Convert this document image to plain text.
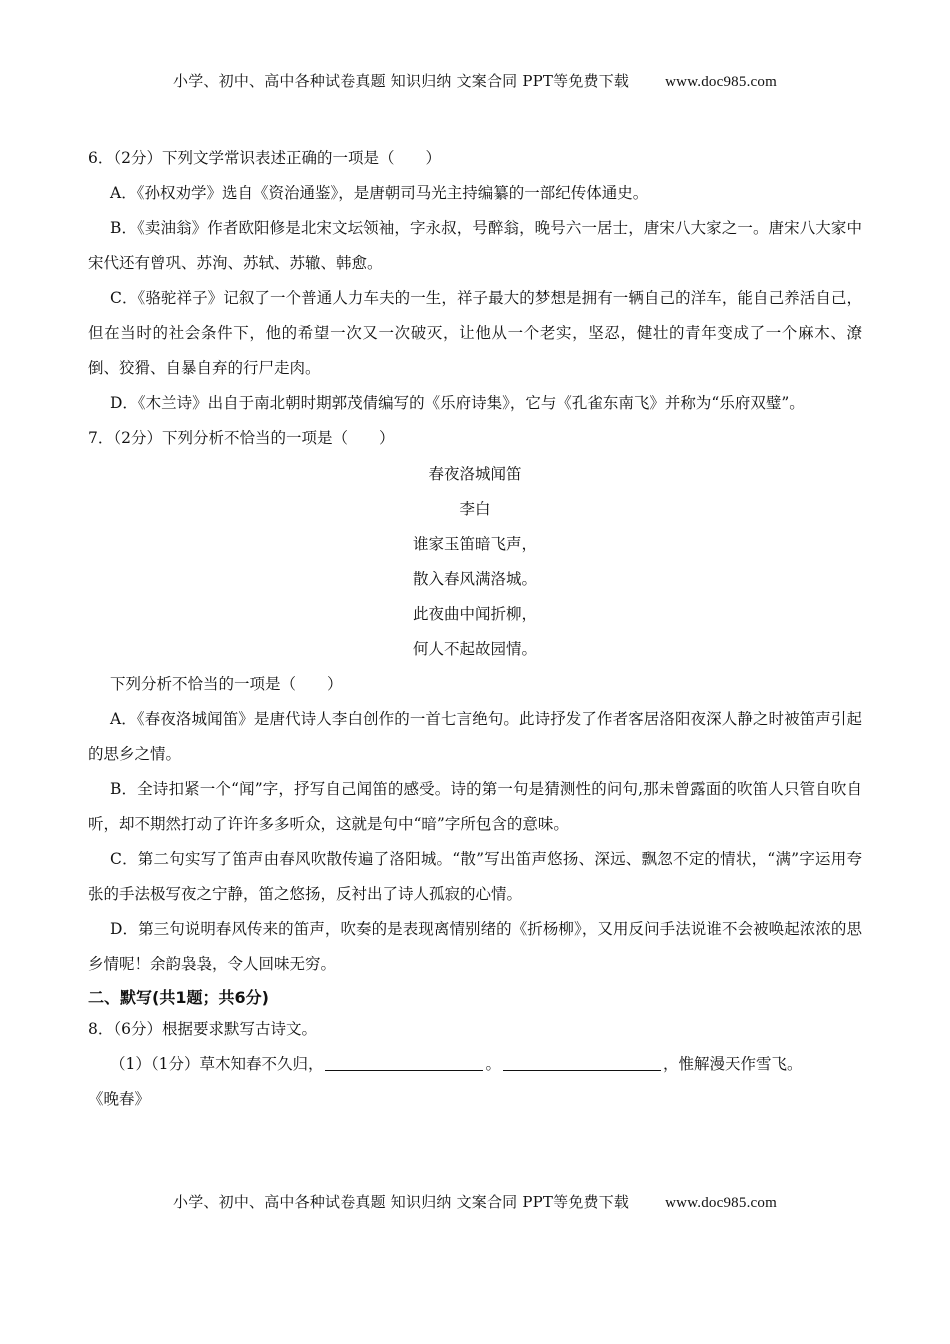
小学、初中、高中各种试卷真题 知识归纳 文案合同 PPT等免费下载 www.doc985.com

6．（2分）下列文学常识表述正确的一项是（　　）

A．《孙权劝学》选自《资治通鉴》，是唐朝司马光主持编纂的一部纪传体通史。

B．《卖油翁》作者欧阳修是北宋文坛领袖，字永叔，号醉翁，晚号六一居士，唐宋八大家之一。唐宋八大家中宋代还有曾巩、苏洵、苏轼、苏辙、韩愈。

C．《骆驼祥子》记叙了一个普通人力车夫的一生，祥子最大的梦想是拥有一辆自己的洋车，能自己养活自己，但在当时的社会条件下，他的希望一次又一次破灭，让他从一个老实，坚忍，健壮的青年变成了一个麻木、潦倒、狡猾、自暴自弃的行尸走肉。

D．《木兰诗》出自于南北朝时期郭茂倩编写的《乐府诗集》，它与《孔雀东南飞》并称为“乐府双璧”。

7．（2分）下列分析不恰当的一项是（　　）

春夜洛城闻笛

李白

谁家玉笛暗飞声，

散入春风满洛城。

此夜曲中闻折柳，

何人不起故园情。

下列分析不恰当的一项是（　　）

A．《春夜洛城闻笛》是唐代诗人李白创作的一首七言绝句。此诗抒发了作者客居洛阳夜深人静之时被笛声引起的思乡之情。

B．全诗扣紧一个“闻”字，抒写自己闻笛的感受。诗的第一句是猜测性的问句,那未曾露面的吹笛人只管自吹自听，却不期然打动了许许多多听众，这就是句中“暗”字所包含的意味。

C．第二句实写了笛声由春风吹散传遍了洛阳城。“散”写出笛声悠扬、深远、飘忽不定的情状，“满”字运用夸张的手法极写夜之宁静，笛之悠扬，反衬出了诗人孤寂的心情。

D．第三句说明春风传来的笛声，吹奏的是表现离情别绪的《折杨柳》，又用反问手法说谁不会被唤起浓浓的思乡情呢！余韵袅袅，令人回味无穷。

二、默写(共1题；共6分)

8．（6分）根据要求默写古诗文。

（1）（1分）草木知春不久归，	。	，惟解漫天作雪飞。

《晚春》

小学、初中、高中各种试卷真题 知识归纳 文案合同 PPT等免费下载 www.doc985.com
